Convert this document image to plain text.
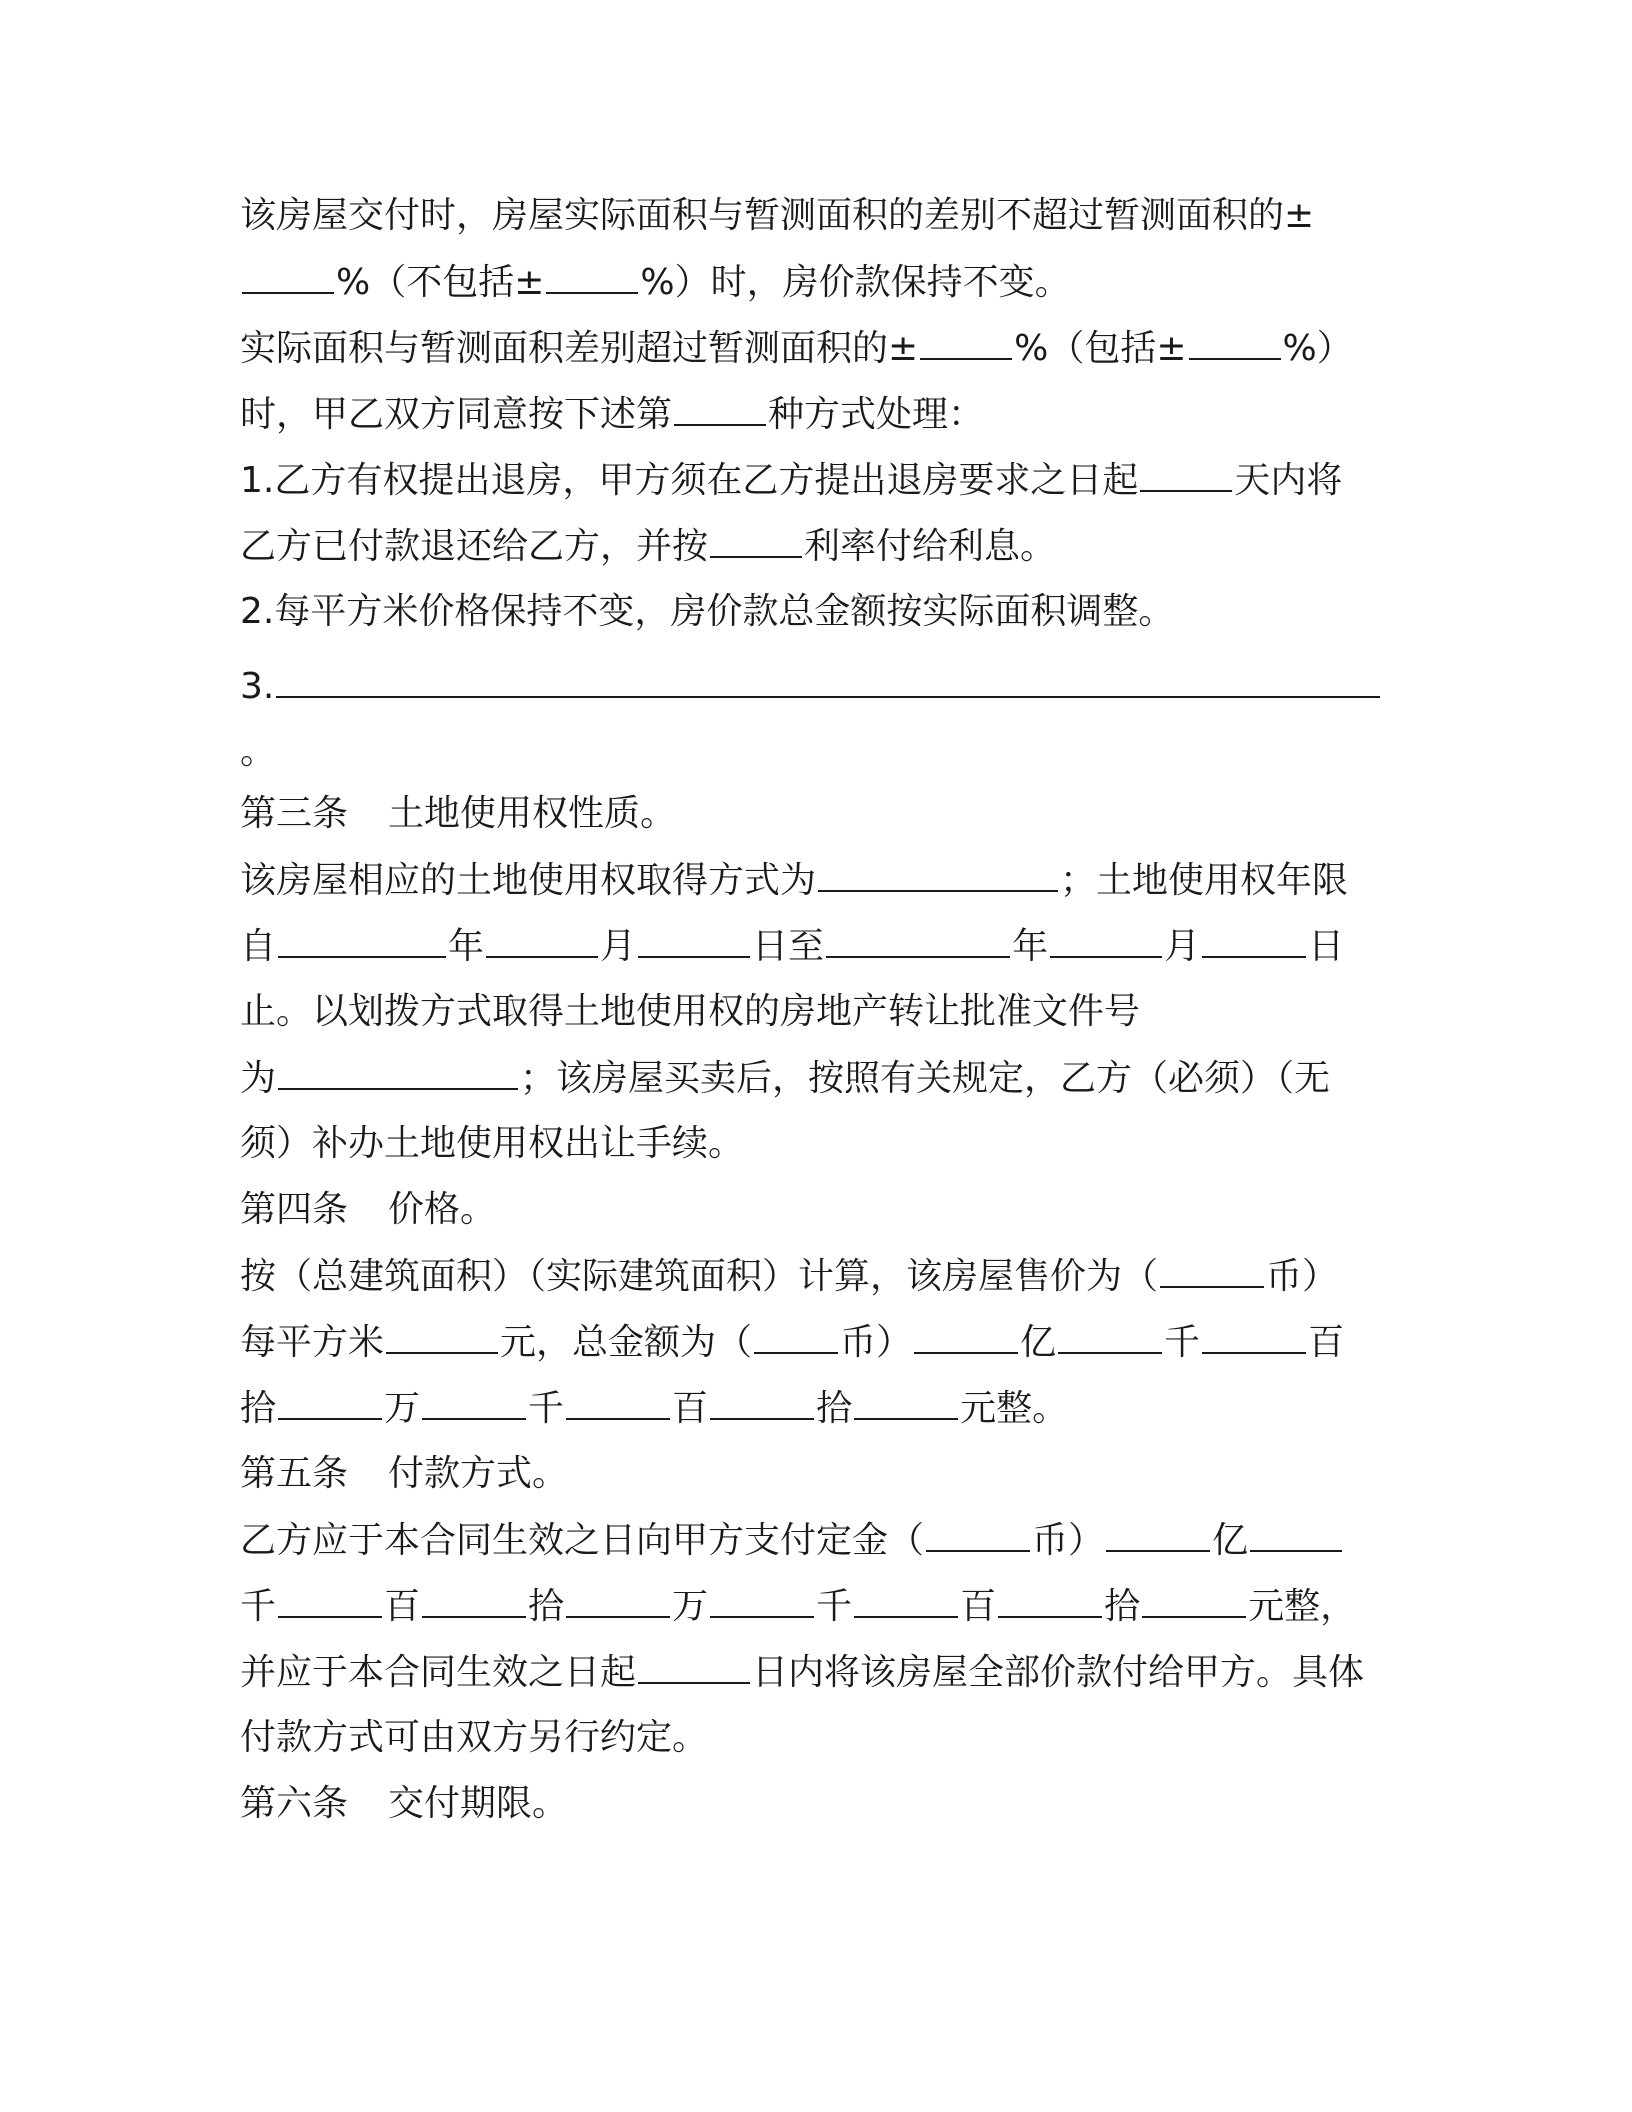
该房屋交付时，房屋实际面积与暂测面积的差别不超过暂测面积的±
%（不包括±	%）时，房价款保持不变。
实际面积与暂测面积差别超过暂测面积的±	%（包括±	%）
时，甲乙双方同意按下述第	种方式处理：
1.乙方有权提出退房，甲方须在乙方提出退房要求之日起	天内将
乙方已付款退还给乙方，并按	利率付给利息。
2.每平方米价格保持不变，房价款总金额按实际面积调整。
3.
。
第三条 土地使用权性质。
该房屋相应的土地使用权取得方式为	；土地使用权年限
自	年	月	日至	年	月	日
止。以划拨方式取得土地使用权的房地产转让批准文件号
为	；该房屋买卖后，按照有关规定，乙方（必须）（无
须）补办土地使用权出让手续。
第四条 价格。
按（总建筑面积）（实际建筑面积）计算，该房屋售价为（	币）
每平方米	元，总金额为（ 币）	亿	千	百
拾	万	千	百	拾	元整。
第五条 付款方式。
乙方应于本合同生效之日向甲方支付定金（	币）	亿
千	百	拾	万	千	百	拾	元整，
并应于本合同生效之日起	日内将该房屋全部价款付给甲方。具体
付款方式可由双方另行约定。
第六条 交付期限。
